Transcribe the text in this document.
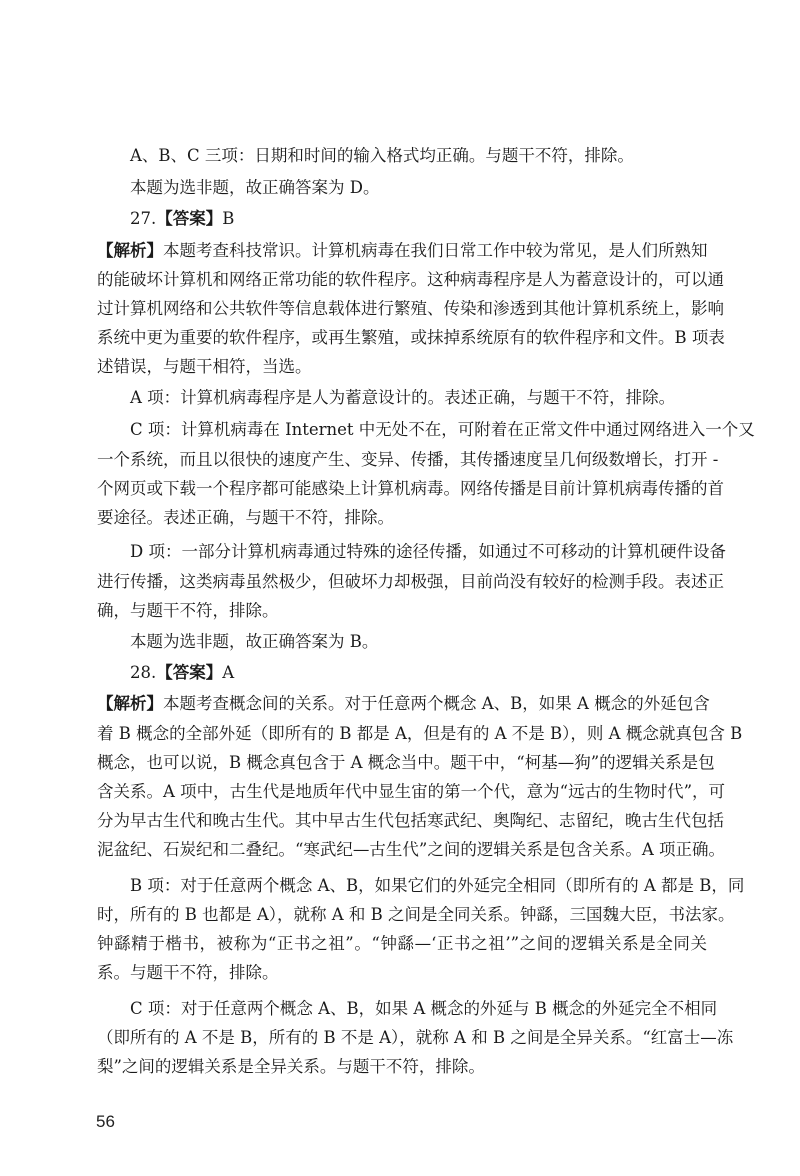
A、B、C 三项：日期和时间的输入格式均正确。与题干不符，排除。
本题为选非题，故正确答案为 D。
27.【答案】B
【解析】本题考查科技常识。计算机病毒在我们日常工作中较为常见，是人们所熟知
的能破坏计算机和网络正常功能的软件程序。这种病毒程序是人为蓄意设计的，可以通
过计算机网络和公共软件等信息载体进行繁殖、传染和渗透到其他计算机系统上，影响
系统中更为重要的软件程序，或再生繁殖，或抹掉系统原有的软件程序和文件。B 项表
述错误，与题干相符，当选。
A 项：计算机病毒程序是人为蓄意设计的。表述正确，与题干不符，排除。
C 项：计算机病毒在 Internet 中无处不在，可附着在正常文件中通过网络进入一个又
一个系统，而且以很快的速度产生、变异、传播，其传播速度呈几何级数增长，打开 -
个网页或下载一个程序都可能感染上计算机病毒。网络传播是目前计算机病毒传播的首
要途径。表述正确，与题干不符，排除。
D 项：一部分计算机病毒通过特殊的途径传播，如通过不可移动的计算机硬件设备
进行传播，这类病毒虽然极少，但破坏力却极强，目前尚没有较好的检测手段。表述正
确，与题干不符，排除。
本题为选非题，故正确答案为 B。
28.【答案】A
【解析】本题考查概念间的关系。对于任意两个概念 A、B，如果 A 概念的外延包含
着 B 概念的全部外延（即所有的 B 都是 A，但是有的 A 不是 B），则 A 概念就真包含 B
概念，也可以说，B 概念真包含于 A 概念当中。题干中，“柯基—狗”的逻辑关系是包
含关系。A 项中，古生代是地质年代中显生宙的第一个代，意为“远古的生物时代”，可
分为早古生代和晚古生代。其中早古生代包括寒武纪、奥陶纪、志留纪，晚古生代包括
泥盆纪、石炭纪和二叠纪。“寒武纪—古生代”之间的逻辑关系是包含关系。A 项正确。
B 项：对于任意两个概念 A、B，如果它们的外延完全相同（即所有的 A 都是 B，同
时，所有的 B 也都是 A），就称 A 和 B 之间是全同关系。钟繇，三国魏大臣，书法家。
钟繇精于楷书，被称为“正书之祖”。“钟繇—‘正书之祖’”之间的逻辑关系是全同关
系。与题干不符，排除。
C 项：对于任意两个概念 A、B，如果 A 概念的外延与 B 概念的外延完全不相同
（即所有的 A 不是 B，所有的 B 不是 A），就称 A 和 B 之间是全异关系。“红富士—冻
梨”之间的逻辑关系是全异关系。与题干不符，排除。
56
